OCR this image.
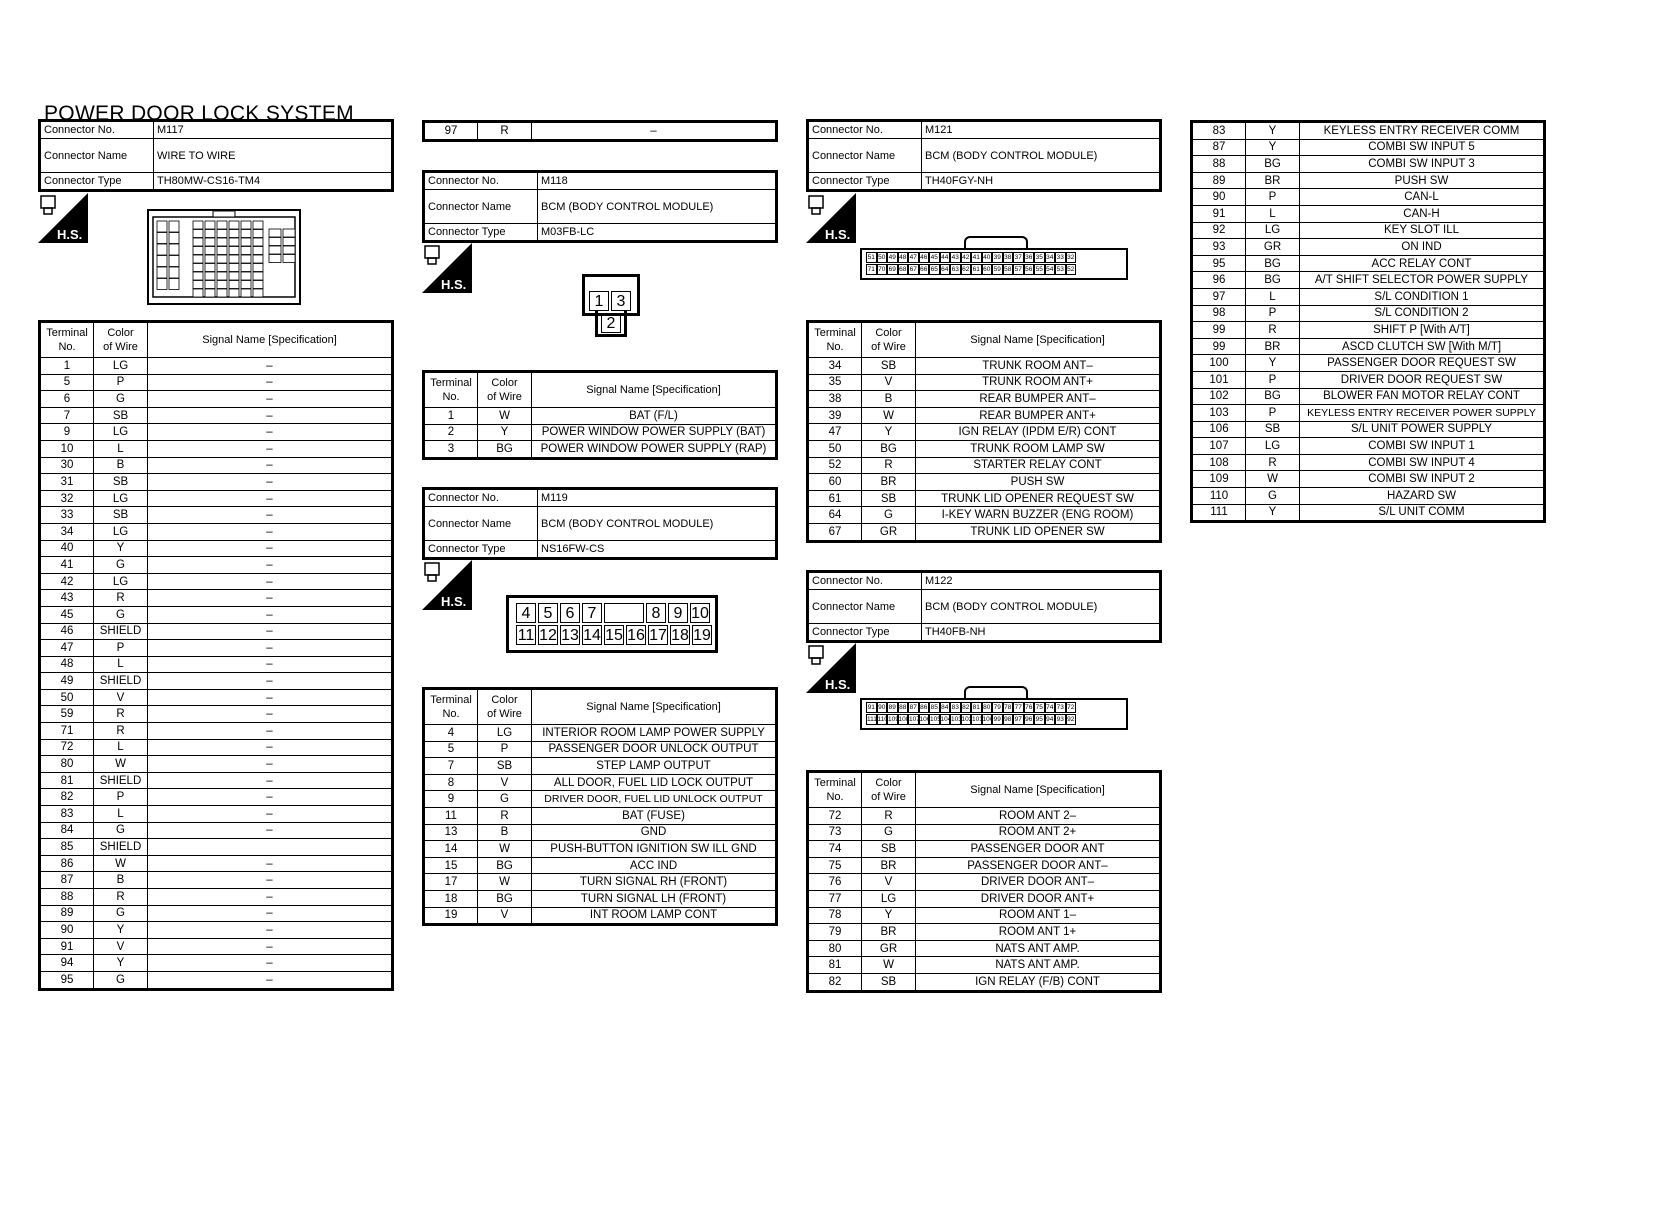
POWER DOOR LOCK SYSTEM
Connector No.	M117
Connector Name	WIRE TO WIRE
Connector Type	TH80MW-CS16-TM4
H.S.
Terminal
No.	Color
of Wire	Signal Name [Specification]
1	LG	–
5	P	–
6	G	–
7	SB	–
9	LG	–
10	L	–
30	B	–
31	SB	–
32	LG	–
33	SB	–
34	LG	–
40	Y	–
41	G	–
42	LG	–
43	R	–
45	G	–
46	SHIELD	–
47	P	–
48	L	–
49	SHIELD	–
50	V	–
59	R	–
71	R	–
72	L	–
80	W	–
81	SHIELD	–
82	P	–
83	L	–
84	G	–
85	SHIELD	
86	W	–
87	B	–
88	R	–
89	G	–
90	Y	–
91	V	–
94	Y	–
95	G	–
97	R	–
Connector No.	M118
Connector Name	BCM (BODY CONTROL MODULE)
Connector Type	M03FB-LC
H.S.
1 3
2
Terminal
No.	Color
of Wire	Signal Name [Specification]
1	W	BAT (F/L)
2	Y	POWER WINDOW POWER SUPPLY (BAT)
3	BG	POWER WINDOW POWER SUPPLY (RAP)
Connector No.	M119
Connector Name	BCM (BODY CONTROL MODULE)
Connector Type	NS16FW-CS
H.S.
4 5 6 7	8 9 10
11 12 13 14 15 16 17 18 19
Terminal
No.	Color
of Wire	Signal Name [Specification]
4	LG	INTERIOR ROOM LAMP POWER SUPPLY
5	P	PASSENGER DOOR UNLOCK OUTPUT
7	SB	STEP LAMP OUTPUT
8	V	ALL DOOR, FUEL LID LOCK OUTPUT
9	G	DRIVER DOOR, FUEL LID UNLOCK OUTPUT
11	R	BAT (FUSE)
13	B	GND
14	W	PUSH-BUTTON IGNITION SW ILL GND
15	BG	ACC IND
17	W	TURN SIGNAL RH (FRONT)
18	BG	TURN SIGNAL LH (FRONT)
19	V	INT ROOM LAMP CONT
Connector No.	M121
Connector Name	BCM (BODY CONTROL MODULE)
Connector Type	TH40FGY-NH
H.S.
51 50 49 48 47 46 45 44 43 42 41 40 39 38 37 36 35 34 33 32
71 70 69 68 67 66 65 64 63 62 61 60 59 58 57 56 55 54 53 52
Terminal
No.	Color
of Wire	Signal Name [Specification]
34	SB	TRUNK ROOM ANT–
35	V	TRUNK ROOM ANT+
38	B	REAR BUMPER ANT–
39	W	REAR BUMPER ANT+
47	Y	IGN RELAY (IPDM E/R) CONT
50	BG	TRUNK ROOM LAMP SW
52	R	STARTER RELAY CONT
60	BR	PUSH SW
61	SB	TRUNK LID OPENER REQUEST SW
64	G	I-KEY WARN BUZZER (ENG ROOM)
67	GR	TRUNK LID OPENER SW
Connector No.	M122
Connector Name	BCM (BODY CONTROL MODULE)
Connector Type	TH40FB-NH
H.S.
91 90 89 88 87 86 85 84 83 82 81 80 79 78 77 76 75 74 73 72
111 110 109 108 107 106 105 104 103 102 101 100 99 98 97 96 95 94 93 92
Terminal
No.	Color
of Wire	Signal Name [Specification]
72	R	ROOM ANT 2–
73	G	ROOM ANT 2+
74	SB	PASSENGER DOOR ANT
75	BR	PASSENGER DOOR ANT–
76	V	DRIVER DOOR ANT–
77	LG	DRIVER DOOR ANT+
78	Y	ROOM ANT 1–
79	BR	ROOM ANT 1+
80	GR	NATS ANT AMP.
81	W	NATS ANT AMP.
82	SB	IGN RELAY (F/B) CONT
83	Y	KEYLESS ENTRY RECEIVER COMM
87	Y	COMBI SW INPUT 5
88	BG	COMBI SW INPUT 3
89	BR	PUSH SW
90	P	CAN-L
91	L	CAN-H
92	LG	KEY SLOT ILL
93	GR	ON IND
95	BG	ACC RELAY CONT
96	BG	A/T SHIFT SELECTOR POWER SUPPLY
97	L	S/L CONDITION 1
98	P	S/L CONDITION 2
99	R	SHIFT P [With A/T]
99	BR	ASCD CLUTCH SW [With M/T]
100	Y	PASSENGER DOOR REQUEST SW
101	P	DRIVER DOOR REQUEST SW
102	BG	BLOWER FAN MOTOR RELAY CONT
103	P	KEYLESS ENTRY RECEIVER POWER SUPPLY
106	SB	S/L UNIT POWER SUPPLY
107	LG	COMBI SW INPUT 1
108	R	COMBI SW INPUT 4
109	W	COMBI SW INPUT 2
110	G	HAZARD SW
111	Y	S/L UNIT COMM
